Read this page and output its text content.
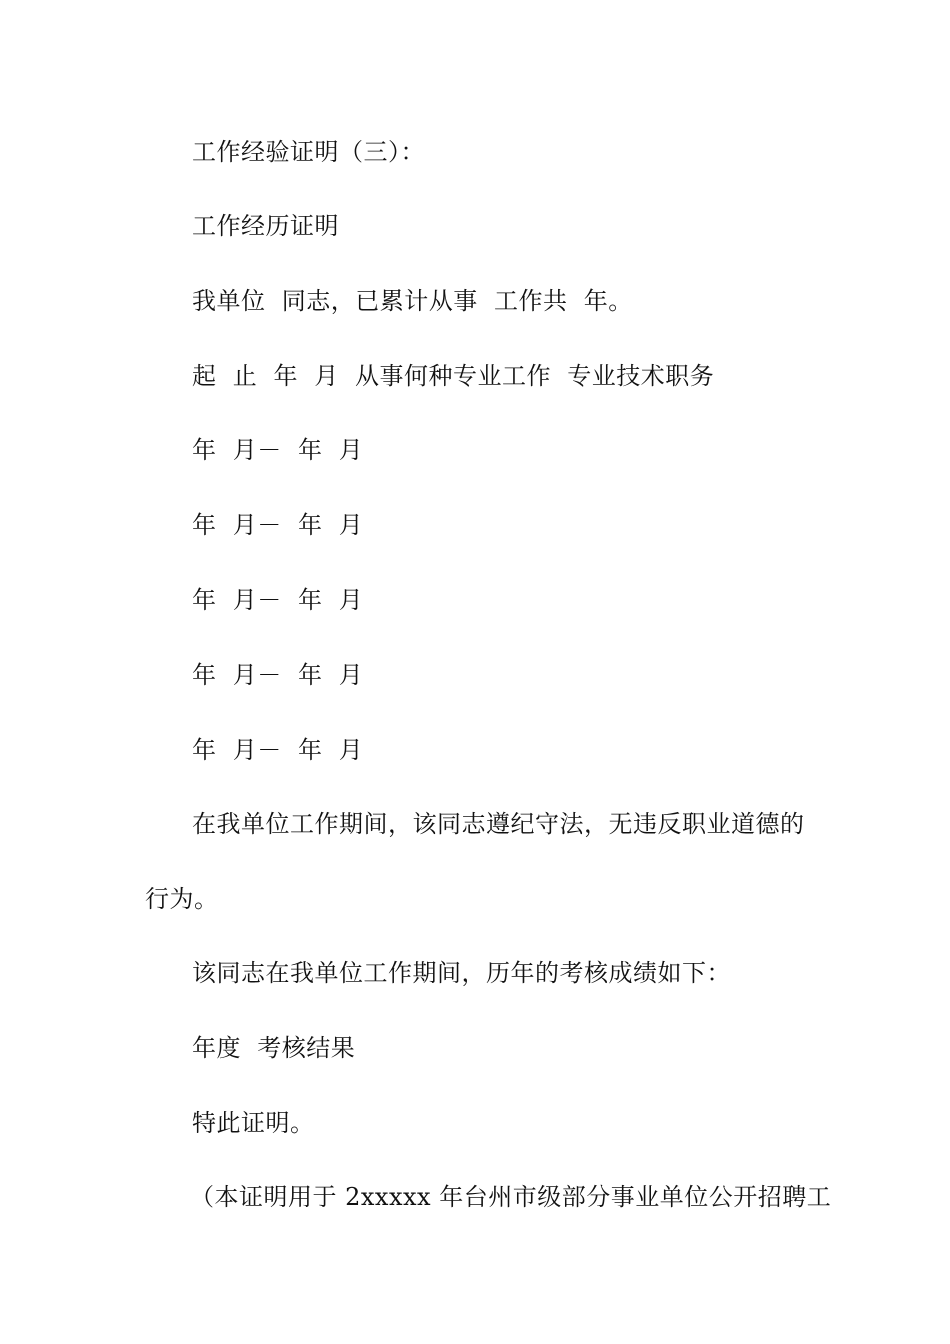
工作经验证明（三）：
工作经历证明
我单位  同志，已累计从事  工作共  年。
起  止  年  月  从事何种专业工作  专业技术职务
年  月－  年  月
年  月－  年  月
年  月－  年  月
年  月－  年  月
年  月－  年  月
在我单位工作期间，该同志遵纪守法，无违反职业道德的
行为。
该同志在我单位工作期间，历年的考核成绩如下：
年度  考核结果
特此证明。
（本证明用于 2xxxxx 年台州市级部分事业单位公开招聘工
